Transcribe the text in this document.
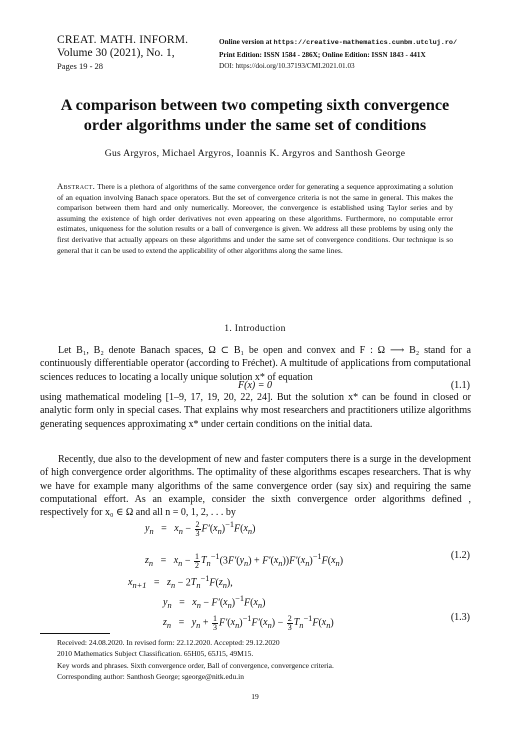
CREAT. MATH. INFORM.
Volume 30 (2021), No. 1,
Pages 19 - 28
Online version at https://creative-mathematics.cunbm.utcluj.ro/
Print Edition: ISSN 1584 - 286X; Online Edition: ISSN 1843 - 441X
DOI: https://doi.org/10.37193/CMI.2021.01.03
A comparison between two competing sixth convergence
order algorithms under the same set of conditions
Gus Argyros, Michael Argyros, Ioannis K. Argyros and Santhosh George
Abstract. There is a plethora of algorithms of the same convergence order for generating a sequence approximating a solution of an equation involving Banach space operators. But the set of convergence criteria is not the same in general. This makes the comparison between them hard and only numerically. Moreover, the convergence is established using Taylor series and by assuming the existence of high order derivatives not even appearing on these algorithms. Furthermore, no computable error estimates, uniqueness for the solution results or a ball of convergence is given. We address all these problems by using only the first derivative that actually appears on these algorithms and under the same set of convergence conditions. Our technique is so general that it can be used to extend the applicability of other algorithms along the same lines.
1. Introduction
Let B₁, B₂ denote Banach spaces, Ω ⊂ B₁ be open and convex and F : Ω ⟶ B₂ stand for a continuously differentiable operator (according to Fréchet). A multitude of applications from computational sciences reduces to locating a locally unique solution x* of equation
F(x) = 0	(1.1)
using mathematical modeling [1–9, 17, 19, 20, 22, 24]. But the solution x* can be found in closed or analytic form only in special cases. That explains why most researchers and practitioners utilize algorithms generating sequences approximating x* under certain conditions on the initial data.
Recently, due also to the development of new and faster computers there is a surge in the development of high convergence order algorithms. The optimality of these algorithms escapes researchers. That is why we have for example many algorithms of the same convergence order (say six) and requiring the same computational effort. As an example, consider the sixth convergence order algorithms defined , respectively for x₀ ∈ Ω and all n = 0, 1, 2, . . . by
$y_n = x_n - \frac{2}{3} F'(x_n)^{-1}F(x_n)$
$z_n = x_n - \frac{1}{2} T_n^{-1}(3F'(y_n) + F'(x_n))F'(x_n)^{-1}F(x_n)$
$x_{n+1} = z_n - 2T_n^{-1}F(z_n)$,
(1.2)
$y_n = x_n - F'(x_n)^{-1}F(x_n)$
$z_n = y_n + \frac{1}{3} F'(x_n)^{-1}F'(x_n) - \frac{2}{3} T_n^{-1}F(x_n)$	(1.3)
Received: 24.08.2020. In revised form: 22.12.2020. Accepted: 29.12.2020
2010 Mathematics Subject Classification. 65H05, 65J15, 49M15.
Key words and phrases. Sixth convergence order, Ball of convergence, convergence criteria.
Corresponding author: Santhosh George; sgeorge@nitk.edu.in
19
